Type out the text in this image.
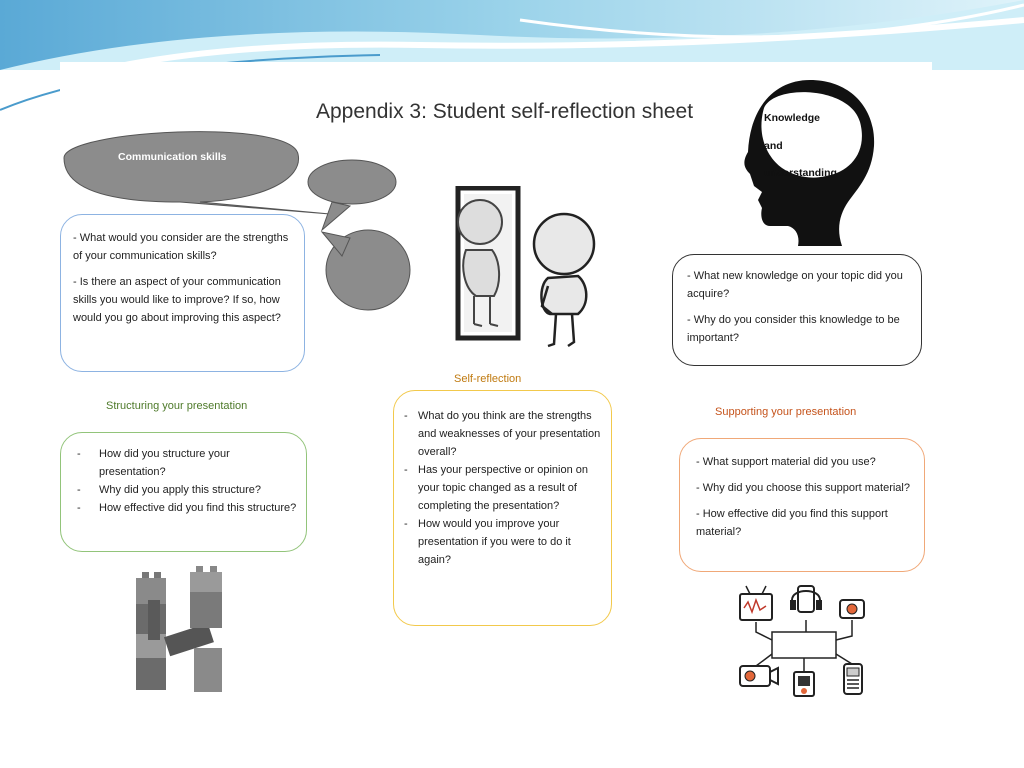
Appendix 3: Student self-reflection sheet
Communication skills

- What would you consider are the strengths of your communication skills?

- Is there an aspect of your communication skills you would like to improve? If so, how would you go about improving this aspect?

Knowledge
and
understanding

- What new knowledge on your topic did you acquire?

- Why do you consider this knowledge to be important?

Structuring your presentation
- How did you structure your presentation?
- Why did you apply this structure?
- How effective did you find this structure?
Self-reflection
- What do you think are the strengths and weaknesses of your presentation overall?
- Has your perspective or opinion on your topic changed as a result of completing the presentation?
- How would you improve your presentation if you were to do it again?
Supporting your presentation

- What support material did you use?

- Why did you choose this support material?

- How effective did you find this support material?
